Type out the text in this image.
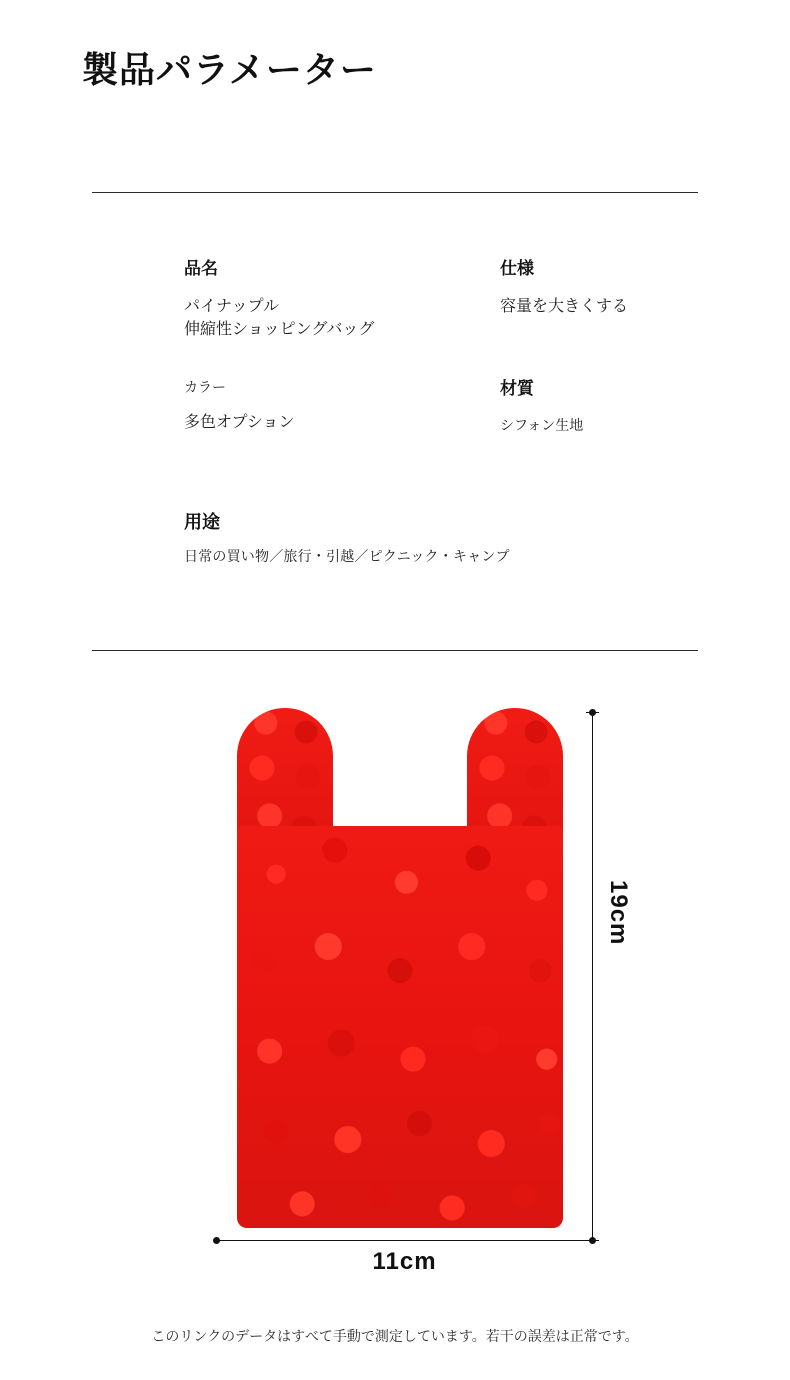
製品パラメーター
品名
パイナップル
伸縮性ショッピングバッグ
仕様
容量を大きくする
カラー
多色オプション
材質
シフォン生地
用途
日常の買い物／旅行・引越／ピクニック・キャンプ
19cm
11cm
このリンクのデータはすべて手動で測定しています。若干の誤差は正常です。
